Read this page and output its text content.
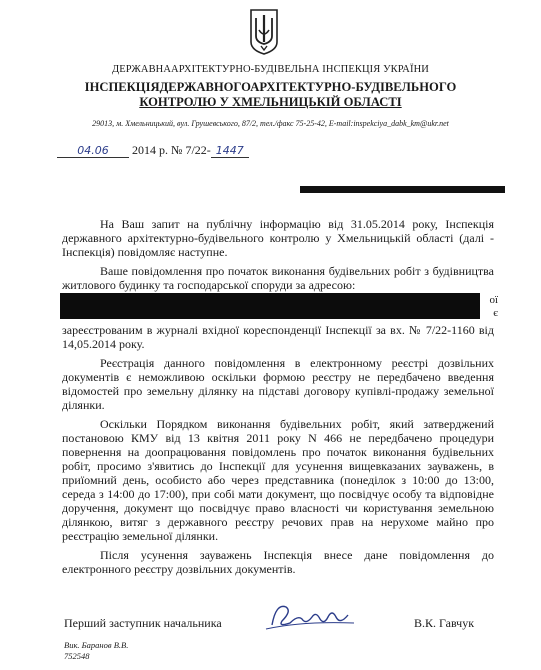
ДЕРЖАВНААРХІТЕКТУРНО-БУДІВЕЛЬНА ІНСПЕКЦІЯ УКРАЇНИ
ІНСПЕКЦІЯДЕРЖАВНОГОАРХІТЕКТУРНО-БУДІВЕЛЬНОГО
КОНТРОЛЮ У ХМЕЛЬНИЦЬКІЙ ОБЛАСТІ
29013, м. Хмельницький, вул. Грушевського, 87/2, тел./факс 75-25-42, E-mail:inspekciya_dabk_km@ukr.net
04.06 2014 р. № 7/22- 1447

На Ваш запит на публічну інформацію від 31.05.2014 року, Інспекція державного архітектурно-будівельного контролю у Хмельницькій області (далі - Інспекція) повідомляє наступне.

Ваше повідомлення про початок виконання будівельних робіт з будівництва житлового будинку та господарської споруди за адресою:

ої
є

зареєстрованим в журналі вхідної кореспонденції Інспекції за вх. № 7/22-1160 від 14,05.2014 року.

Реєстрація данного повідомлення в електронному реєстрі дозвільних документів є неможливою оскільки формою реєстру не передбачено введення відомостей про земельну ділянку на підставі договору купівлі-продажу земельної ділянки.

Оскільки Порядком виконання будівельних робіт, який затверджений постановою КМУ від 13 квітня 2011 року N 466 не передбачено процедури повернення на доопрацювання повідомлень про початок виконання будівельних робіт, просимо з'явитись до Інспекції для усунення вищевказаних зауважень, в приїомний день, особисто або через представника (понеділок з 10:00 до 13:00, середа з 14:00 до 17:00), при собі мати документ, що посвідчує особу та відповідне доручення, документ що посвідчує право власності чи користування земельною ділянкою, витяг з державного реєстру речових прав на нерухоме майно про реєстрацію земельної ділянки.

Після усунення зауважень Інспекція внесе дане повідомлення до електронного реєстру дозвільних документів.

Перший заступник начальника	В.К. Гавчук
Вик. Баранов В.В.
752548
